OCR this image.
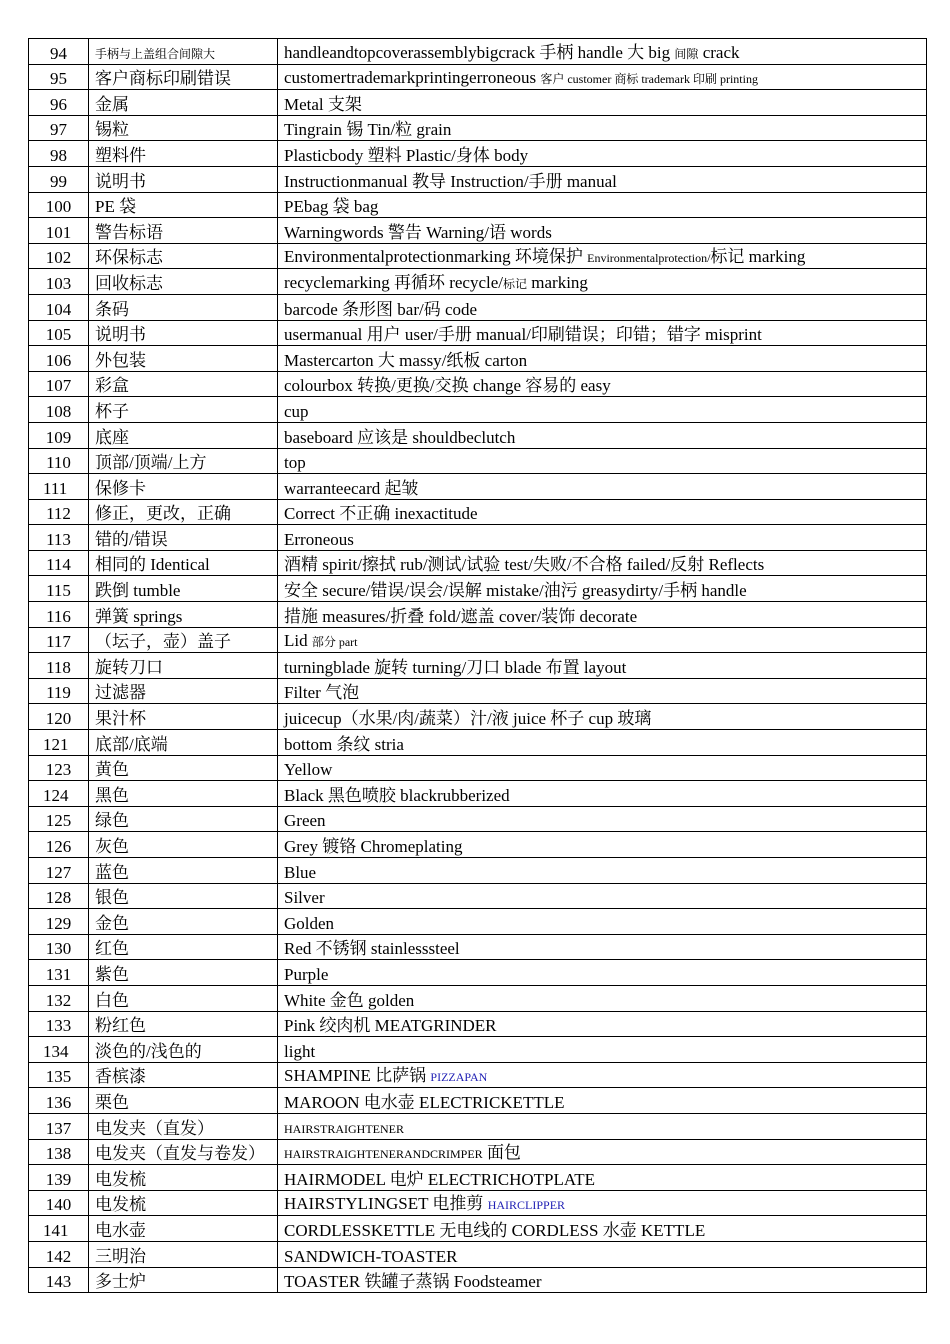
94	手柄与上盖组合间隙大	handleandtopcoverassemblybigcrack 手柄 handle 大 big 间隙 crack
95	客户商标印刷错误	customertrademarkprintingerroneous 客户 customer 商标 trademark 印刷 printing
96	金属	Metal 支架
97	锡粒	Tingrain 锡 Tin/粒 grain
98	塑料件	Plasticbody 塑料 Plastic/身体 body
99	说明书	Instructionmanual 教导 Instruction/手册 manual
100	PE 袋	PEbag 袋 bag
101	警告标语	Warningwords 警告 Warning/语 words
102	环保标志	Environmentalprotectionmarking 环境保护 Environmentalprotection/标记 marking
103	回收标志	recyclemarking 再循环 recycle/标记 marking
104	条码	barcode 条形图 bar/码 code
105	说明书	usermanual 用户 user/手册 manual/印刷错误；印错；错字 misprint
106	外包装	Mastercarton 大 massy/纸板 carton
107	彩盒	colourbox 转换/更换/交换 change 容易的 easy
108	杯子	cup
109	底座	baseboard 应该是 shouldbeclutch
110	顶部/顶端/上方	top
111	保修卡	warranteecard 起皱
112	修正，更改，正确	Correct 不正确 inexactitude
113	错的/错误	Erroneous
114	相同的 Identical	酒精 spirit/擦拭 rub/测试/试验 test/失败/不合格 failed/反射 Reflects
115	跌倒 tumble	安全 secure/错误/误会/误解 mistake/油污 greasydirty/手柄 handle
116	弹簧 springs	措施 measures/折叠 fold/遮盖 cover/装饰 decorate
117	（坛子，壶）盖子	Lid 部分 part
118	旋转刀口	turningblade 旋转 turning/刀口 blade 布置 layout
119	过滤器	Filter 气泡
120	果汁杯	juicecup（水果/肉/蔬菜）汁/液 juice 杯子 cup 玻璃
121	底部/底端	bottom 条纹 stria
123	黄色	Yellow
124	黑色	Black 黑色喷胶 blackrubberized
125	绿色	Green
126	灰色	Grey 镀铬 Chromeplating
127	蓝色	Blue
128	银色	Silver
129	金色	Golden
130	红色	Red 不锈钢 stainlesssteel
131	紫色	Purple
132	白色	White 金色 golden
133	粉红色	Pink 绞肉机 MEATGRINDER
134	淡色的/浅色的	light
135	香槟漆	SHAMPINE 比萨锅 PIZZAPAN
136	栗色	MAROON 电水壶 ELECTRICKETTLE
137	电发夹（直发）	HAIRSTRAIGHTENER
138	电发夹（直发与卷发）	HAIRSTRAIGHTENERANDCRIMPER 面包
139	电发梳	HAIRMODEL 电炉 ELECTRICHOTPLATE
140	电发梳	HAIRSTYLINGSET 电推剪 HAIRCLIPPER
141	电水壶	CORDLESSKETTLE 无电线的 CORDLESS 水壶 KETTLE
142	三明治	SANDWICH-TOASTER
143	多士炉	TOASTER 铁罐子蒸锅 Foodsteamer
